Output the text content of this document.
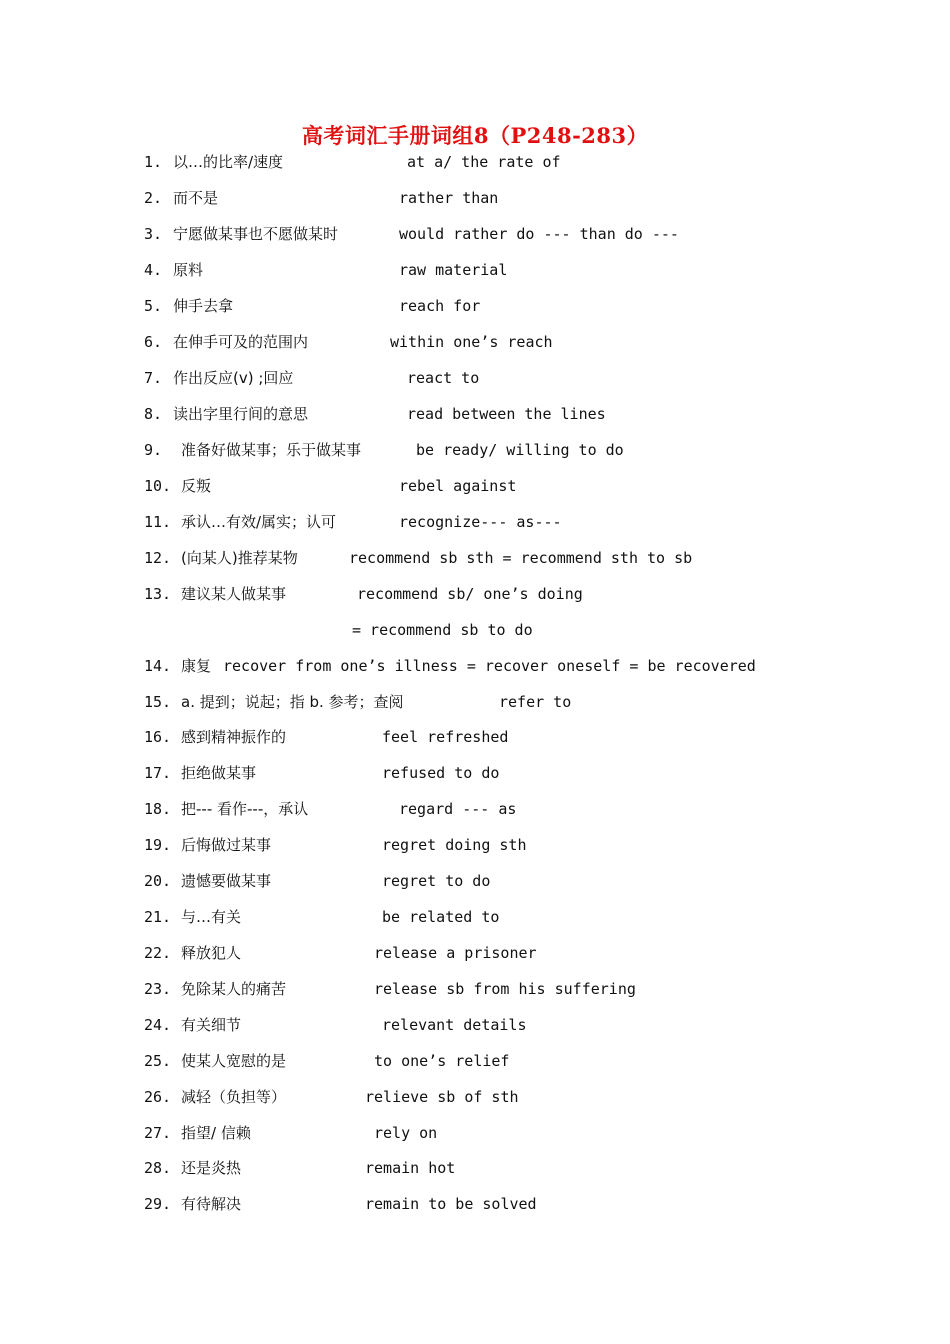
高考词汇手册词组8（P248-283）
1. 以…的比率/速度	at a/ the rate of
2. 而不是	rather than
3. 宁愿做某事也不愿做某时	would rather do --- than do ---
4. 原料	raw material
5. 伸手去拿	reach for
6. 在伸手可及的范围内	within one’s reach
7. 作出反应(v) ;回应	react to
8. 读出字里行间的意思	read between the lines
9. 准备好做某事；乐于做某事	be ready/ willing to do
10. 反叛	rebel against
11. 承认…有效/属实；认可	recognize--- as---
12. (向某人)推荐某物	recommend sb sth = recommend sth to sb
13. 建议某人做某事	recommend sb/ one’s doing
= recommend sb to do
14. 康复 recover from one’s illness = recover oneself = be recovered
15. a. 提到；说起；指 b. 参考；查阅	refer to
16. 感到精神振作的	feel refreshed
17. 拒绝做某事	refused to do
18. 把--- 看作---，承认	regard --- as
19. 后悔做过某事	regret doing sth
20. 遗憾要做某事	regret to do
21. 与…有关	be related to
22. 释放犯人	release a prisoner
23. 免除某人的痛苦	release sb from his suffering
24. 有关细节	relevant details
25. 使某人宽慰的是	to one’s relief
26. 减轻（负担等）	relieve sb of sth
27. 指望/ 信赖	rely on
28. 还是炎热	remain hot
29. 有待解决	remain to be solved
